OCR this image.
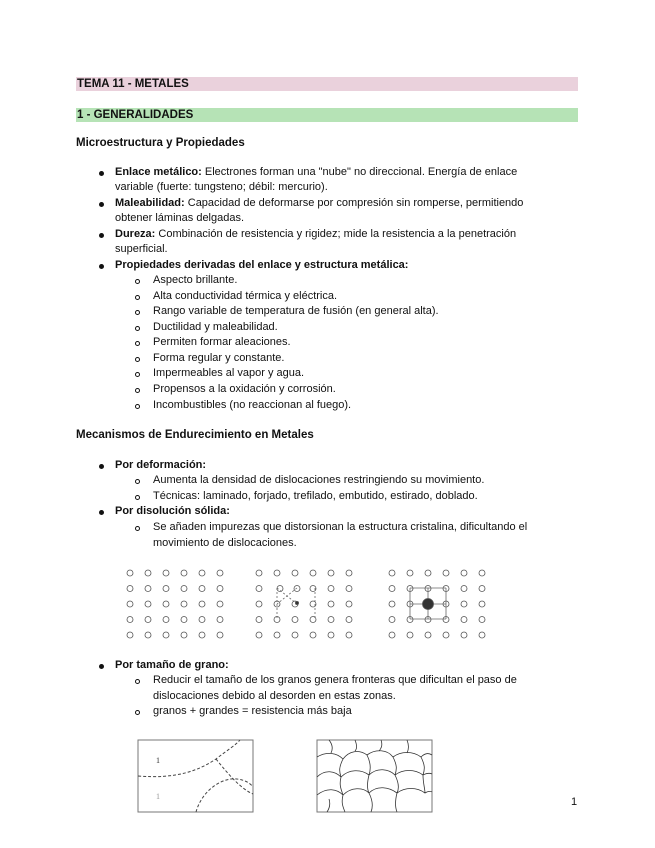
TEMA 11 - METALES
1 - GENERALIDADES
Microestructura y Propiedades
Enlace metálico: Electrones forman una "nube" no direccional. Energía de enlace
variable (fuerte: tungsteno; débil: mercurio).
Maleabilidad: Capacidad de deformarse por compresión sin romperse, permitiendo
obtener láminas delgadas.
Dureza: Combinación de resistencia y rigidez; mide la resistencia a la penetración
superficial.
Propiedades derivadas del enlace y estructura metálica:
Aspecto brillante.
Alta conductividad térmica y eléctrica.
Rango variable de temperatura de fusión (en general alta).
Ductilidad y maleabilidad.
Permiten formar aleaciones.
Forma regular y constante.
Impermeables al vapor y agua.
Propensos a la oxidación y corrosión.
Incombustibles (no reaccionan al fuego).
Mecanismos de Endurecimiento en Metales
Por deformación:
Aumenta la densidad de dislocaciones restringiendo su movimiento.
Técnicas: laminado, forjado, trefilado, embutido, estirado, doblado.
Por disolución sólida:
Se añaden impurezas que distorsionan la estructura cristalina, dificultando el
movimiento de dislocaciones.
Por tamaño de grano:
Reducir el tamaño de los granos genera fronteras que dificultan el paso de
dislocaciones debido al desorden en estas zonas.
granos + grandes = resistencia más baja
1
1	1
